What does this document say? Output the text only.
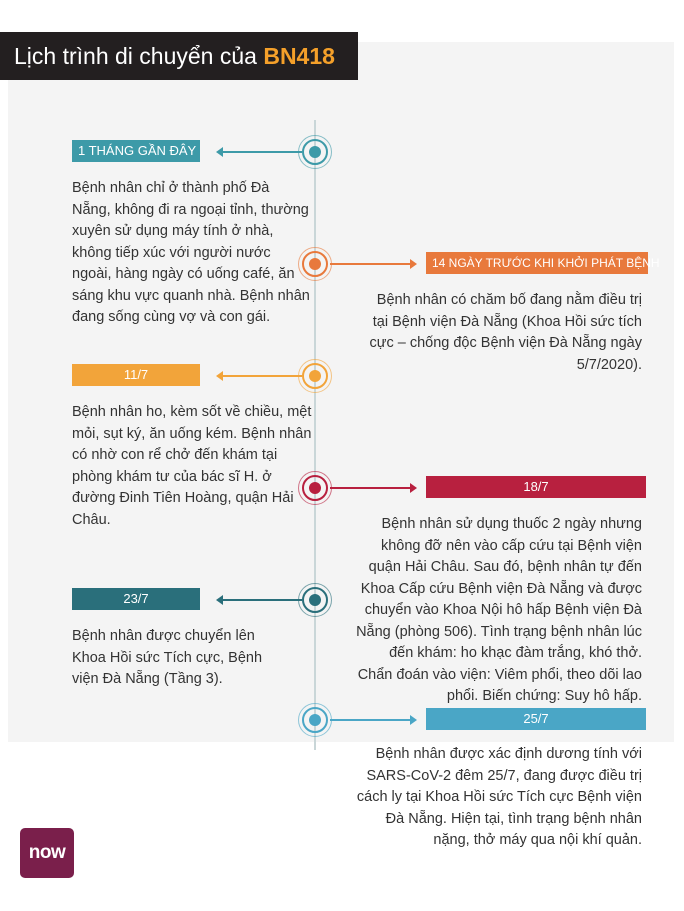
Lịch trình di chuyển của BN418
1 THÁNG GẦN ĐÂY
Bệnh nhân chỉ ở thành phố Đà Nẵng, không đi ra ngoại tỉnh, thường xuyên sử dụng máy tính ở nhà, không tiếp xúc với người nước ngoài, hàng ngày có uống café, ăn sáng khu vực quanh nhà. Bệnh nhân đang sống cùng vợ và con gái.
14 NGÀY TRƯỚC KHI KHỞI PHÁT BỆNH
Bệnh nhân có chăm bố đang nằm điều trị tại Bệnh viện Đà Nẵng (Khoa Hồi sức tích cực – chống độc Bệnh viện Đà Nẵng ngày 5/7/2020).
11/7
Bệnh nhân ho, kèm sốt về chiều, mệt mỏi, sụt ký, ăn uống kém. Bệnh nhân có nhờ con rể chở đến khám tại phòng khám tư của bác sĩ H. ở đường Đinh Tiên Hoàng, quận Hải Châu.
18/7
Bệnh nhân sử dụng thuốc 2 ngày nhưng không đỡ nên vào cấp cứu tại Bệnh viện quận Hải Châu. Sau đó, bệnh nhân tự đến Khoa Cấp cứu Bệnh viện Đà Nẵng và được chuyển vào Khoa Nội hô hấp Bệnh viện Đà Nẵng (phòng 506). Tình trạng bệnh nhân lúc đến khám: ho khạc đàm trắng, khó thở. Chẩn đoán vào viện: Viêm phổi, theo dõi lao phổi. Biến chứng: Suy hô hấp.
23/7
Bệnh nhân được chuyển lên Khoa Hồi sức Tích cực, Bệnh viện Đà Nẵng (Tầng 3).
25/7
Bệnh nhân được xác định dương tính với SARS-CoV-2 đêm 25/7, đang được điều trị cách ly tại Khoa Hồi sức Tích cực Bệnh viện Đà Nẵng. Hiện tại, tình trạng bệnh nhân nặng, thở máy qua nội khí quản.
now
